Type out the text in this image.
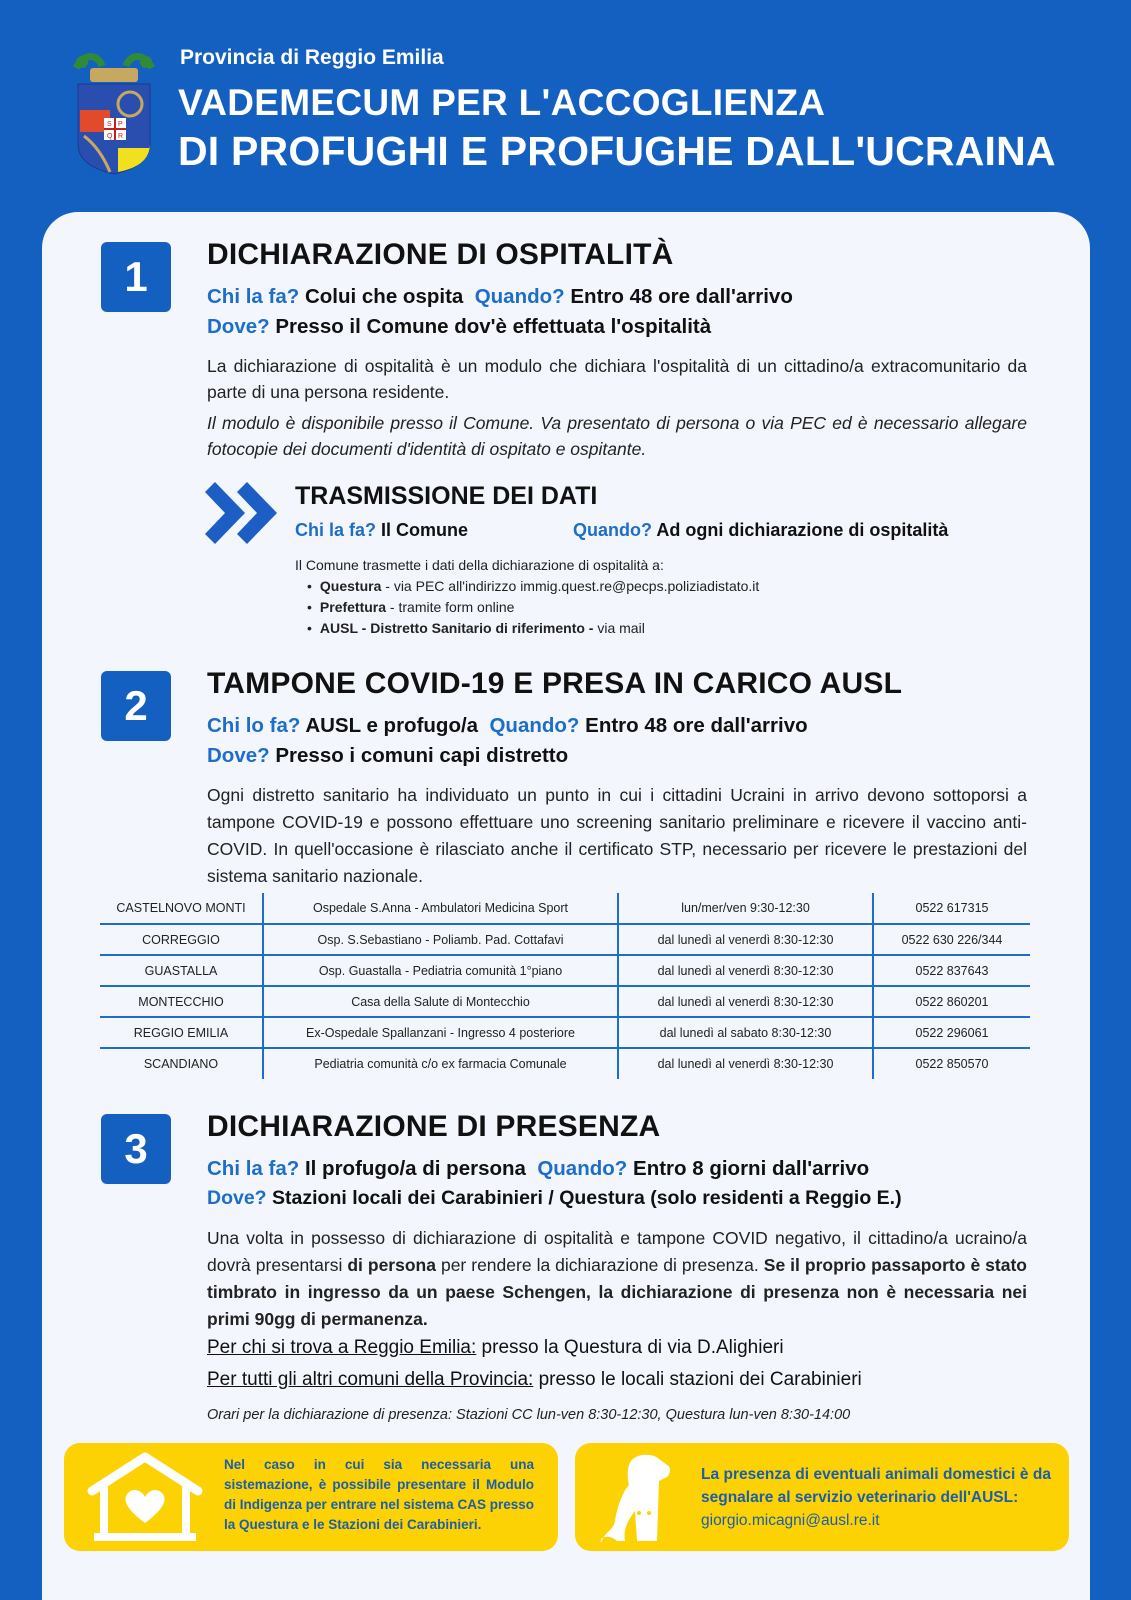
S P
Q R
Provincia di Reggio Emilia
VADEMECUM PER L'ACCOGLIENZA
DI PROFUGHI E PROFUGHE DALL'UCRAINA
1	DICHIARAZIONE DI OSPITALITÀ
Chi la fa? Colui che ospita Quando? Entro 48 ore dall'arrivo
Dove? Presso il Comune dov'è effettuata l'ospitalità
La dichiarazione di ospitalità è un modulo che dichiara l'ospitalità di un cittadino/a extracomunitario da parte di una persona residente.
Il modulo è disponibile presso il Comune. Va presentato di persona o via PEC ed è necessario allegare fotocopie dei documenti d'identità di ospitato e ospitante.
TRASMISSIONE DEI DATI
Chi la fa? Il Comune	Quando? Ad ogni dichiarazione di ospitalità
Il Comune trasmette i dati della dichiarazione di ospitalità a:
• Questura - via PEC all'indirizzo immig.quest.re@pecps.poliziadistato.it
• Prefettura - tramite form online
• AUSL - Distretto Sanitario di riferimento - via mail
2	TAMPONE COVID-19 E PRESA IN CARICO AUSL
Chi lo fa? AUSL e profugo/a Quando? Entro 48 ore dall'arrivo
Dove? Presso i comuni capi distretto
Ogni distretto sanitario ha individuato un punto in cui i cittadini Ucraini in arrivo devono sottoporsi a tampone COVID-19 e possono effettuare uno screening sanitario preliminare e ricevere il vaccino anti-COVID. In quell'occasione è rilasciato anche il certificato STP, necessario per ricevere le prestazioni del sistema sanitario nazionale.
CASTELNOVO MONTI	Ospedale S.Anna - Ambulatori Medicina Sport	lun/mer/ven 9:30-12:30	0522 617315
CORREGGIO	Osp. S.Sebastiano - Poliamb. Pad. Cottafavi	dal lunedì al venerdì 8:30-12:30	0522 630 226/344
GUASTALLA	Osp. Guastalla - Pediatria comunità 1°piano	dal lunedì al venerdì 8:30-12:30	0522 837643
MONTECCHIO	Casa della Salute di Montecchio	dal lunedì al venerdì 8:30-12:30	0522 860201
REGGIO EMILIA	Ex-Ospedale Spallanzani - Ingresso 4 posteriore	dal lunedì al sabato 8:30-12:30	0522 296061
SCANDIANO	Pediatria comunità c/o ex farmacia Comunale	dal lunedì al venerdì 8:30-12:30	0522 850570
3	DICHIARAZIONE DI PRESENZA
Chi la fa? Il profugo/a di persona Quando? Entro 8 giorni dall'arrivo
Dove? Stazioni locali dei Carabinieri / Questura (solo residenti a Reggio E.)
Una volta in possesso di dichiarazione di ospitalità e tampone COVID negativo, il cittadino/a ucraino/a dovrà presentarsi di persona per rendere la dichiarazione di presenza. Se il proprio passaporto è stato timbrato in ingresso da un paese Schengen, la dichiarazione di presenza non è necessaria nei primi 90gg di permanenza.
Per chi si trova a Reggio Emilia: presso la Questura di via D.Alighieri
Per tutti gli altri comuni della Provincia: presso le locali stazioni dei Carabinieri
Orari per la dichiarazione di presenza: Stazioni CC lun-ven 8:30-12:30, Questura lun-ven 8:30-14:00
Nel caso in cui sia necessaria una sistemazione, è possibile presentare il Modulo di Indigenza per entrare nel sistema CAS presso la Questura e le Stazioni dei Carabinieri.
La presenza di eventuali animali domestici è da segnalare al servizio veterinario dell'AUSL:
giorgio.micagni@ausl.re.it
